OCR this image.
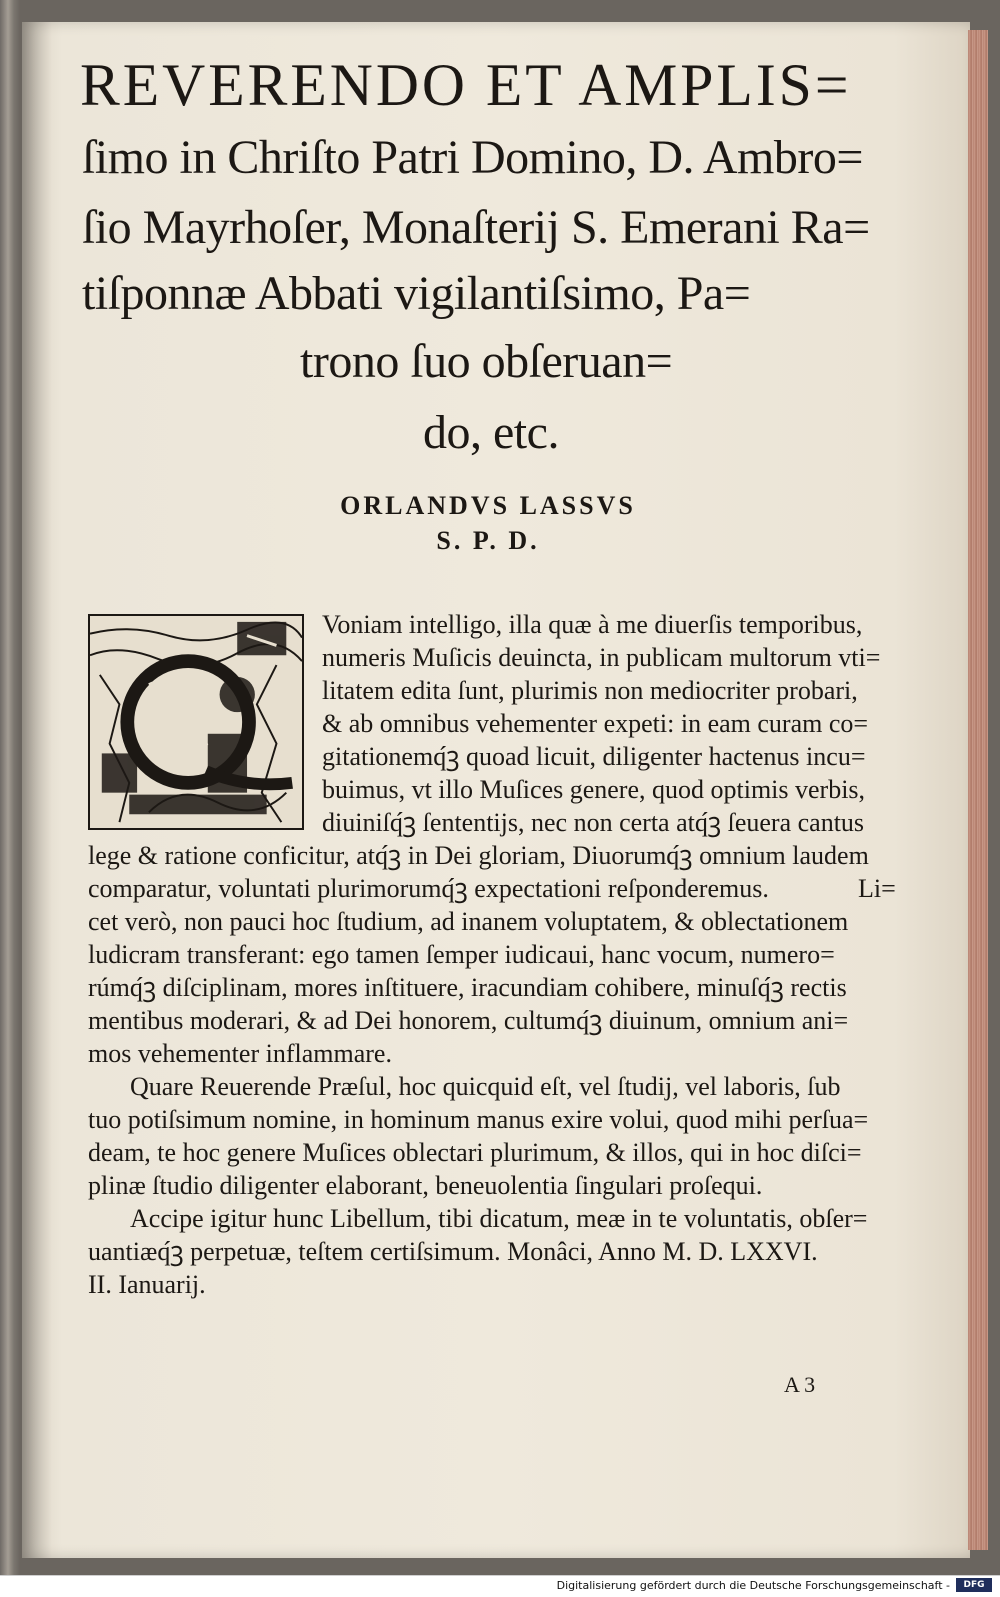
REVERENDO ET AMPLIS=
ſimo in Chriſto Patri Domino, D. Ambro=
ſio Mayrhoſer, Monaſterij S. Emerani Ra=
tiſponnæ Abbati vigilantiſsimo, Pa=
trono ſuo obſeruan=
do, etc.
ORLANDVS LASSVS
S. P. D.
Voniam intelligo, illa quæ à me diuerſis temporibus,
numeris Muſicis deuincta, in publicam multorum vti=
litatem edita ſunt, plurimis non mediocriter probari,
& ab omnibus vehementer expeti: in eam curam co=
gitationemq́ꝫ quoad licuit, diligenter hactenus incu=
buimus, vt illo Muſices genere, quod optimis verbis,
diuiniſq́ꝫ ſententijs, nec non certa atq́ꝫ ſeuera cantus
lege & ratione conficitur, atq́ꝫ in Dei gloriam, Diuorumq́ꝫ omnium laudem
comparatur, voluntati plurimorumq́ꝫ expectationi reſponderemus.	Li=
cet verò, non pauci hoc ſtudium, ad inanem voluptatem, & oblectationem
ludicram transferant: ego tamen ſemper iudicaui, hanc vocum, numero=
rúmq́ꝫ diſciplinam, mores inſtituere, iracundiam cohibere, minuſq́ꝫ rectis
mentibus moderari, & ad Dei honorem, cultumq́ꝫ diuinum, omnium ani=
mos vehementer inflammare.
Quare Reuerende Præſul, hoc quicquid eſt, vel ſtudij, vel laboris, ſub
tuo potiſsimum nomine, in hominum manus exire volui, quod mihi perſua=
deam, te hoc genere Muſices oblectari plurimum, & illos, qui in hoc diſci=
plinæ ſtudio diligenter elaborant, beneuolentia ſingulari proſequi.
Accipe igitur hunc Libellum, tibi dicatum, meæ in te voluntatis, obſer=
uantiæq́ꝫ perpetuæ, teſtem certiſsimum. Monâci, Anno M. D. LXXVI.
II. Ianuarij.
A 3
Digitalisierung gefördert durch die Deutsche Forschungsgemeinschaft -	DFG
